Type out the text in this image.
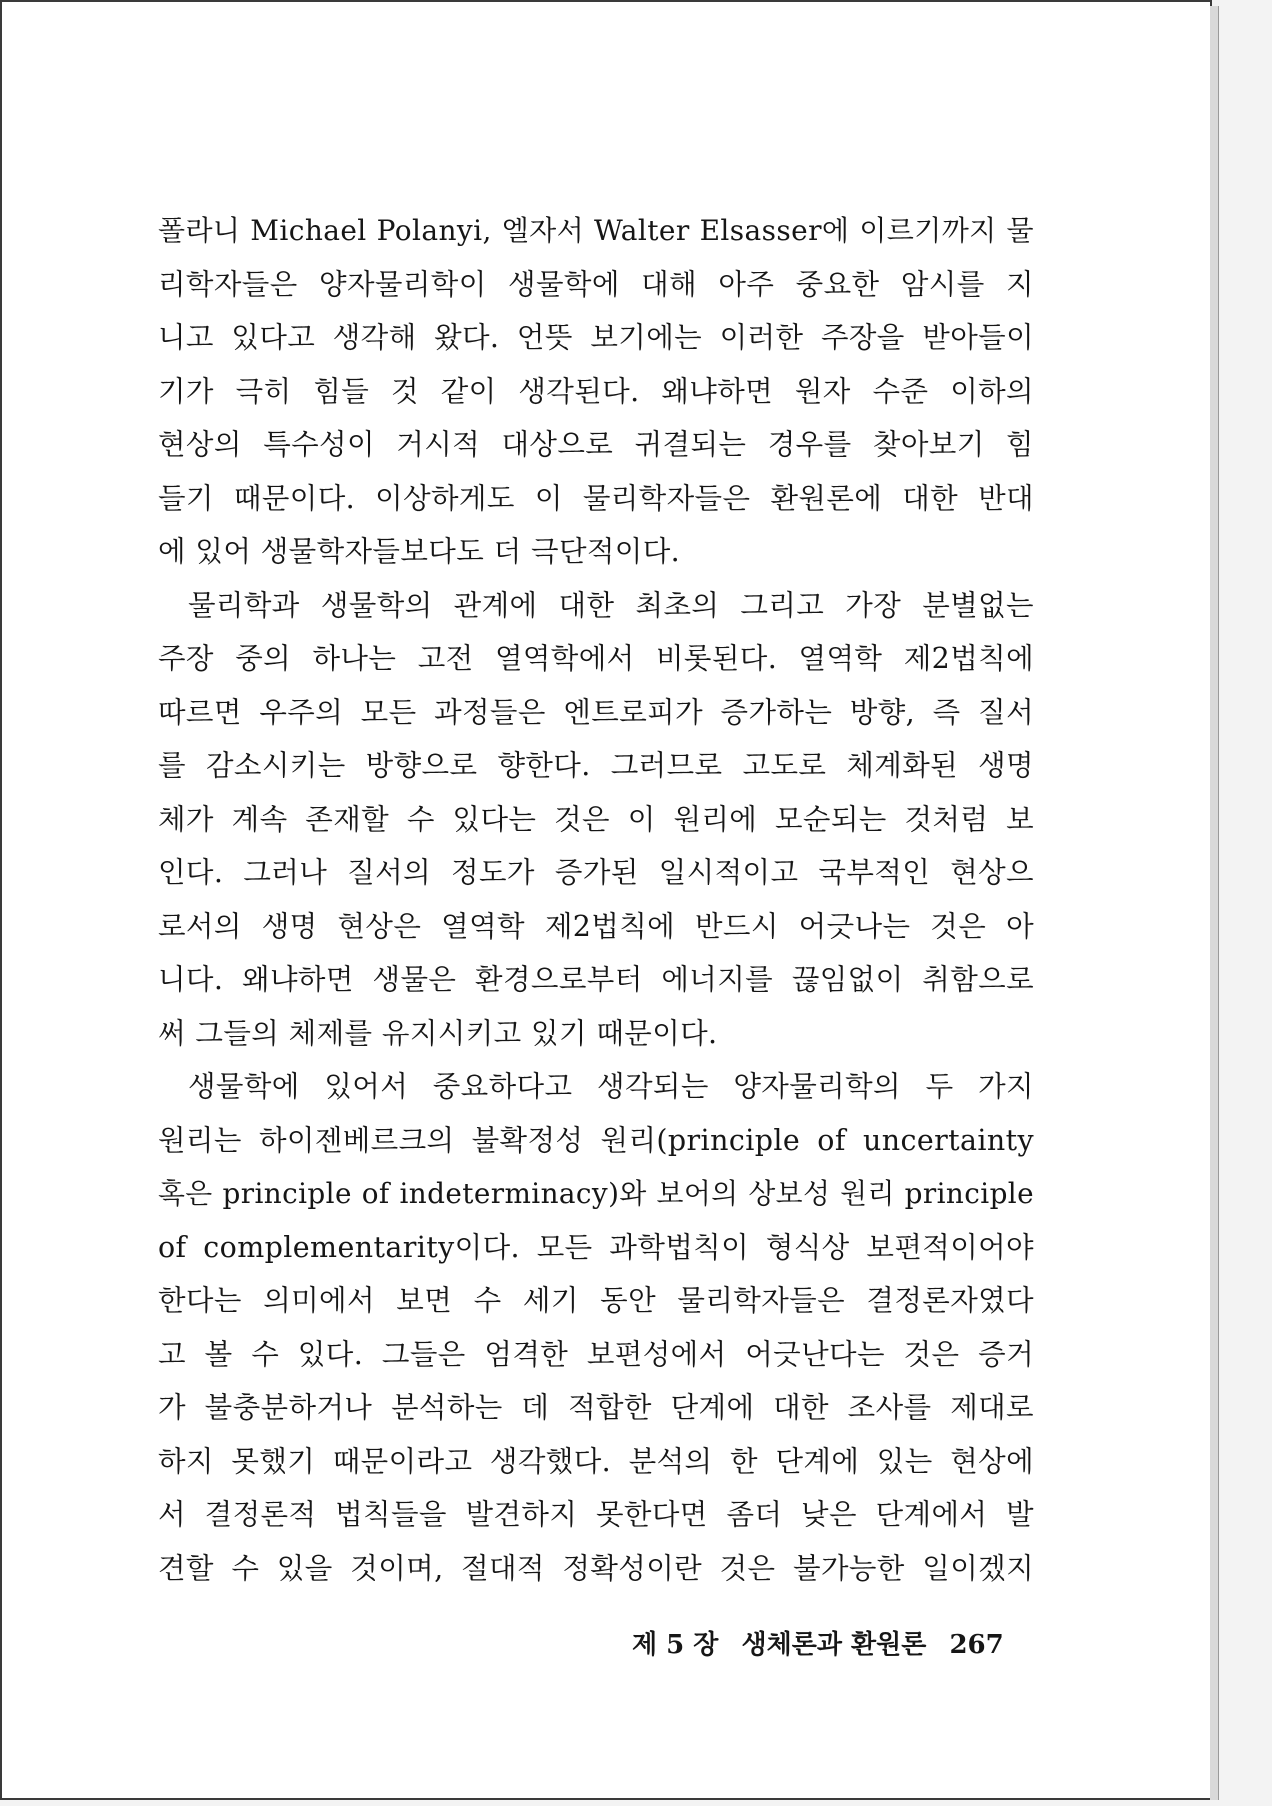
폴라니 Michael Polanyi, 엘자서 Walter Elsasser에 이르기까지 물
리학자들은 양자물리학이 생물학에 대해 아주 중요한 암시를 지
니고 있다고 생각해 왔다. 언뜻 보기에는 이러한 주장을 받아들이
기가 극히 힘들 것 같이 생각된다. 왜냐하면 원자 수준 이하의
현상의 특수성이 거시적 대상으로 귀결되는 경우를 찾아보기 힘
들기 때문이다. 이상하게도 이 물리학자들은 환원론에 대한 반대
에 있어 생물학자들보다도 더 극단적이다.

물리학과 생물학의 관계에 대한 최초의 그리고 가장 분별없는
주장 중의 하나는 고전 열역학에서 비롯된다. 열역학 제2법칙에
따르면 우주의 모든 과정들은 엔트로피가 증가하는 방향, 즉 질서
를 감소시키는 방향으로 향한다. 그러므로 고도로 체계화된 생명
체가 계속 존재할 수 있다는 것은 이 원리에 모순되는 것처럼 보
인다. 그러나 질서의 정도가 증가된 일시적이고 국부적인 현상으
로서의 생명 현상은 열역학 제2법칙에 반드시 어긋나는 것은 아
니다. 왜냐하면 생물은 환경으로부터 에너지를 끊임없이 취함으로
써 그들의 체제를 유지시키고 있기 때문이다.

생물학에 있어서 중요하다고 생각되는 양자물리학의 두 가지
원리는 하이젠베르크의 불확정성 원리(principle of uncertainty
혹은 principle of indeterminacy)와 보어의 상보성 원리 principle
of complementarity이다. 모든 과학법칙이 형식상 보편적이어야
한다는 의미에서 보면 수 세기 동안 물리학자들은 결정론자였다
고 볼 수 있다. 그들은 엄격한 보편성에서 어긋난다는 것은 증거
가 불충분하거나 분석하는 데 적합한 단계에 대한 조사를 제대로
하지 못했기 때문이라고 생각했다. 분석의 한 단계에 있는 현상에
서 결정론적 법칙들을 발견하지 못한다면 좀더 낮은 단계에서 발
견할 수 있을 것이며, 절대적 정확성이란 것은 불가능한 일이겠지

제 5 장 생체론과 환원론 267
